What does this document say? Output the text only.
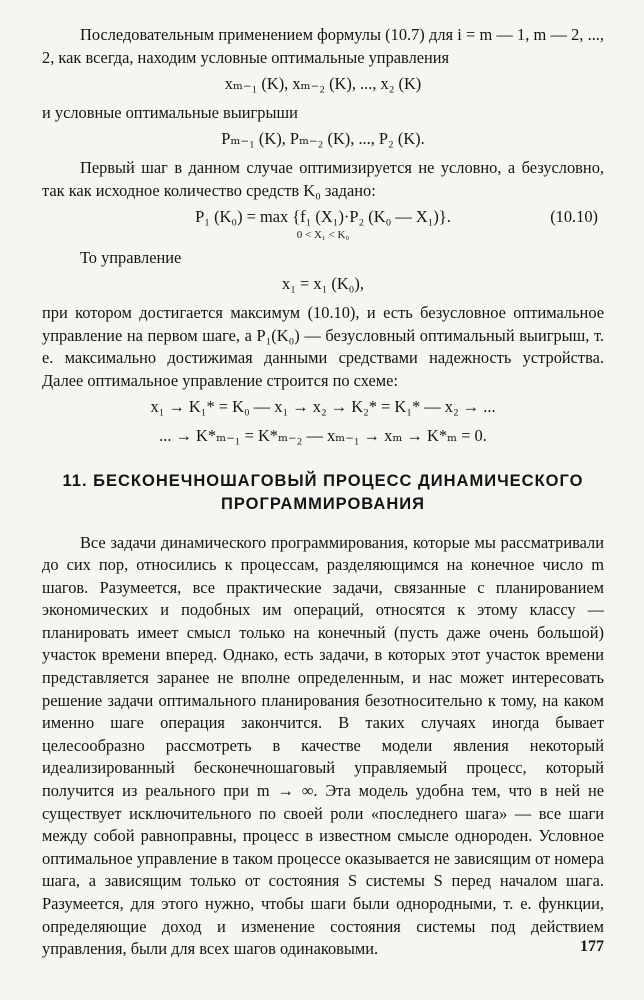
Последовательным применением формулы (10.7) для i = m — 1, m — 2, ..., 2, как всегда, находим условные оптимальные управления

xₘ₋₁ (K), xₘ₋₂ (K), ..., x₂ (K)

и условные оптимальные выигрыши

Pₘ₋₁ (K), Pₘ₋₂ (K), ..., P₂ (K).

Первый шаг в данном случае оптимизируется не условно, а безусловно, так как исходное количество средств K₀ задано:

P₁ (K₀) = max {f₁ (X₁)·P₂ (K₀ — X₁)}.
0 < X₁ < K₀
(10.10)

То управление

x₁ = x₁ (K₀),

при котором достигается максимум (10.10), и есть безусловное оптимальное управление на первом шаге, а P₁(K₀) — безусловный оптимальный выигрыш, т. е. максимально достижимая данными средствами надежность устройства. Далее оптимальное управление строится по схеме:

x₁ → K₁* = K₀ — x₁ → x₂ → K₂* = K₁* — x₂ → ...
... → K*ₘ₋₁ = K*ₘ₋₂ — xₘ₋₁ → xₘ → K*ₘ = 0.
11. БЕСКОНЕЧНОШАГОВЫЙ ПРОЦЕСС ДИНАМИЧЕСКОГО
ПРОГРАММИРОВАНИЯ

Все задачи динамического программирования, которые мы рассматривали до сих пор, относились к процессам, разделяющимся на конечное число m шагов. Разумеется, все практические задачи, связанные с планированием экономических и подобных им операций, относятся к этому классу — планировать имеет смысл только на конечный (пусть даже очень большой) участок времени вперед. Однако, есть задачи, в которых этот участок времени представляется заранее не вполне определенным, и нас может интересовать решение задачи оптимального планирования безотносительно к тому, на каком именно шаге операция закончится. В таких случаях иногда бывает целесообразно рассмотреть в качестве модели явления некоторый идеализированный бесконечношаговый управляемый процесс, который получится из реального при m → ∞. Эта модель удобна тем, что в ней не существует исключительного по своей роли «последнего шага» — все шаги между собой равноправны, процесс в известном смысле однороден. Условное оптимальное управление в таком процессе оказывается не зависящим от номера шага, а зависящим только от состояния S системы S перед началом шага. Разумеется, для этого нужно, чтобы шаги были однородными, т. е. функции, определяющие доход и изменение состояния системы под действием управления, были для всех шагов одинаковыми.	177
